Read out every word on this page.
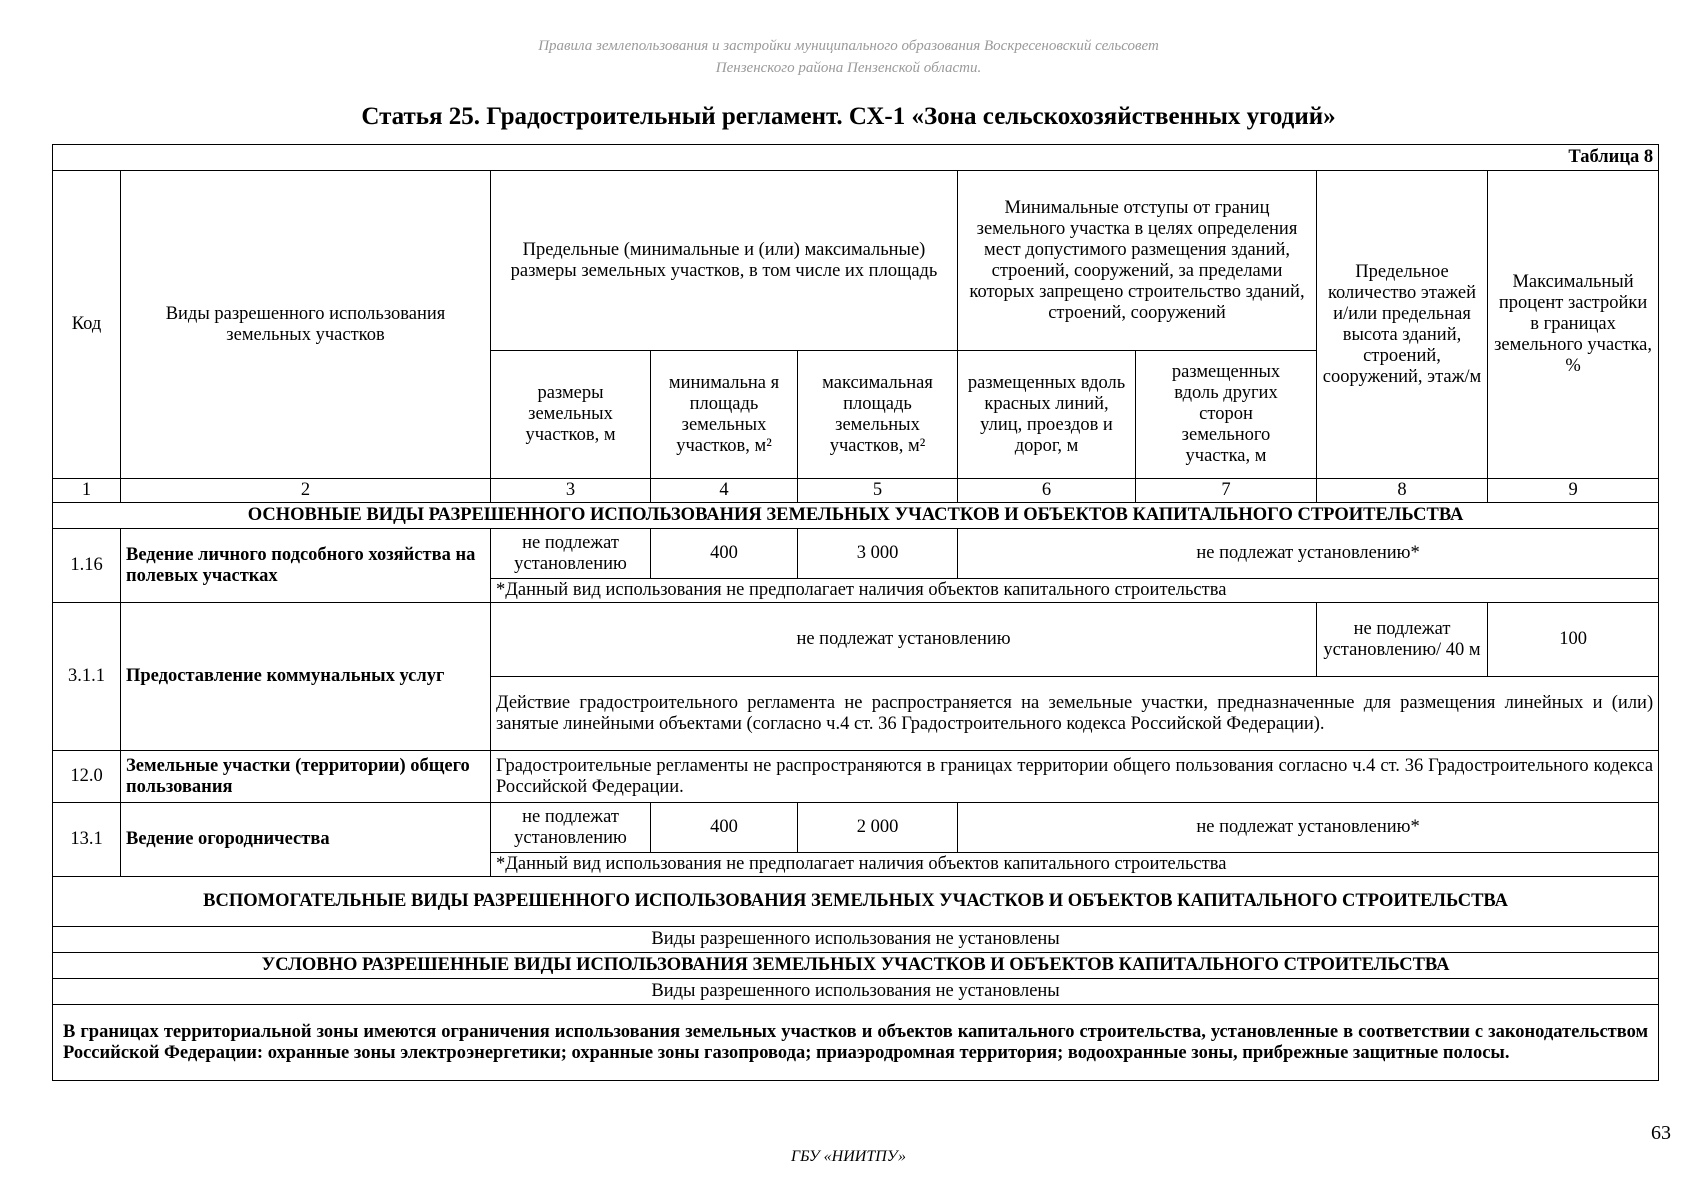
Правила землепользования и застройки муниципального образования Воскресеновский сельсовет
Пензенского района Пензенской области.
Статья 25. Градостроительный регламент. СХ-1 «Зона сельскохозяйственных угодий»
Таблица 8								
Код	Виды разрешенного использования земельных участков	Предельные (минимальные и (или) максимальные) размеры земельных участков, в том числе их площадь			Минимальные отступы от границ земельного участка в целях определения мест допустимого размещения зданий, строений, сооружений, за пределами которых запрещено строительство зданий, строений, сооружений		Предельное количество этажей и/или предельная высота зданий, строений, сооружений, этаж/м	Максимальный процент застройки в границах земельного участка, %
		размеры земельных участков, м	минимальна я площадь земельных участков, м²	максимальная площадь земельных участков, м²	размещенных вдоль красных линий, улиц, проездов и дорог, м	размещенных вдоль других сторон земельного участка, м		
1	2	3	4	5	6	7	8	9
ОСНОВНЫЕ ВИДЫ РАЗРЕШЕННОГО ИСПОЛЬЗОВАНИЯ ЗЕМЕЛЬНЫХ УЧАСТКОВ И ОБЪЕКТОВ КАПИТАЛЬНОГО СТРОИТЕЛЬСТВА								
1.16	Ведение личного подсобного хозяйства на полевых участках	не подлежат установлению	400	3 000	не подлежат установлению*			
		*Данный вид использования не предполагает наличия объектов капитального строительства						
3.1.1	Предоставление коммунальных услуг	не подлежат установлению					не подлежат установлению/ 40 м	100
		Действие градостроительного регламента не распространяется на земельные участки, предназначенные для размещения линейных и (или) занятые линейными объектами (согласно ч.4 ст. 36 Градостроительного кодекса Российской Федерации).						
12.0	Земельные участки (территории) общего пользования	Градостроительные регламенты не распространяются в границах территории общего пользования согласно ч.4 ст. 36 Градостроительного кодекса Российской Федерации.						
13.1	Ведение огородничества	не подлежат установлению	400	2 000	не подлежат установлению*			
		*Данный вид использования не предполагает наличия объектов капитального строительства						
ВСПОМОГАТЕЛЬНЫЕ ВИДЫ РАЗРЕШЕННОГО ИСПОЛЬЗОВАНИЯ ЗЕМЕЛЬНЫХ УЧАСТКОВ И ОБЪЕКТОВ КАПИТАЛЬНОГО СТРОИТЕЛЬСТВА								
Виды разрешенного использования не установлены								
УСЛОВНО РАЗРЕШЕННЫЕ ВИДЫ ИСПОЛЬЗОВАНИЯ ЗЕМЕЛЬНЫХ УЧАСТКОВ И ОБЪЕКТОВ КАПИТАЛЬНОГО СТРОИТЕЛЬСТВА								
Виды разрешенного использования не установлены								
В границах территориальной зоны имеются ограничения использования земельных участков и объектов капитального строительства, установленные в соответствии с законодательством Российской Федерации: охранные зоны электроэнергетики; охранные зоны газопровода; приаэродромная территория; водоохранные зоны, прибрежные защитные полосы.								
63
ГБУ «НИИТПУ»
